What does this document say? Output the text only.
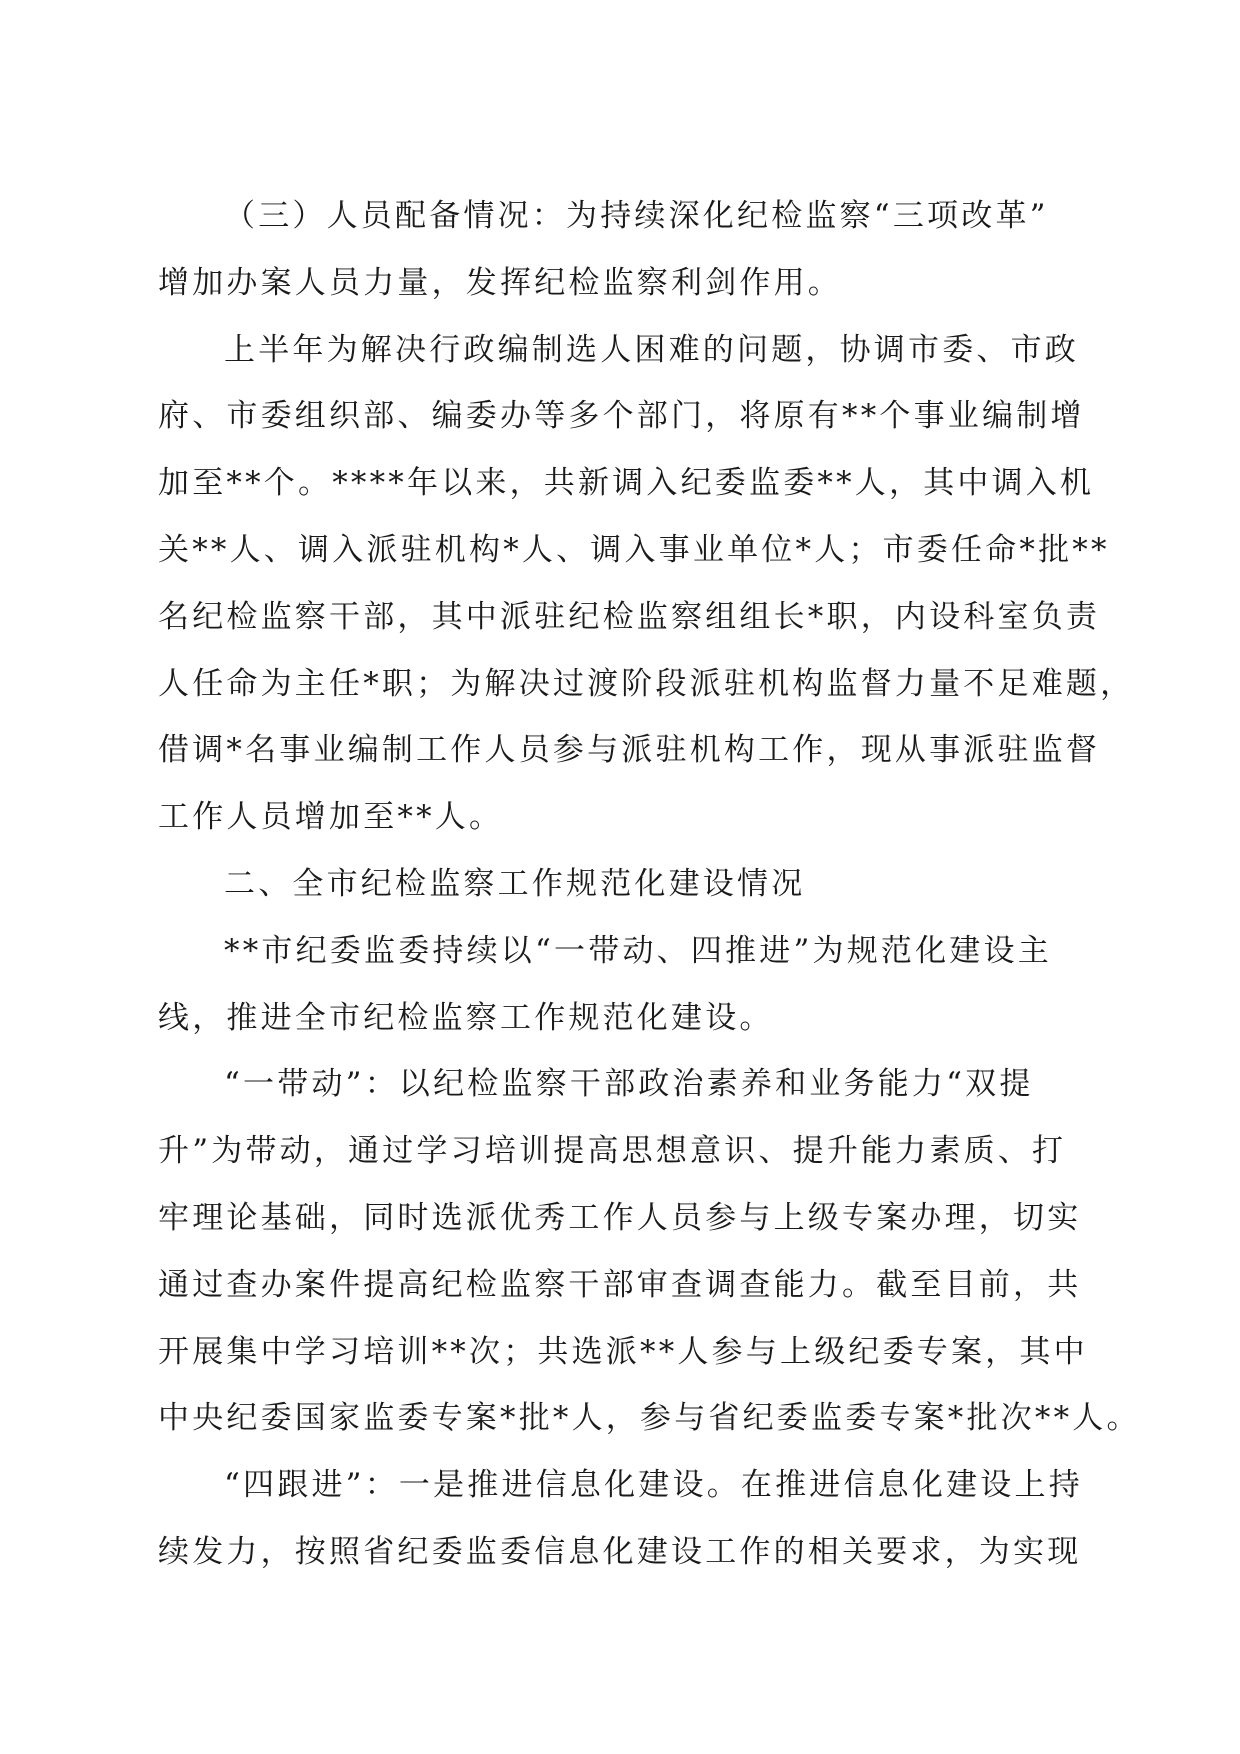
（三）人员配备情况：为持续深化纪检监察“三项改革”
增加办案人员力量，发挥纪检监察利剑作用。
上半年为解决行政编制选人困难的问题，协调市委、市政
府、市委组织部、编委办等多个部门，将原有**个事业编制增
加至**个。****年以来，共新调入纪委监委**人，其中调入机
关**人、调入派驻机构*人、调入事业单位*人；市委任命*批**
名纪检监察干部，其中派驻纪检监察组组长*职，内设科室负责
人任命为主任*职；为解决过渡阶段派驻机构监督力量不足难题，
借调*名事业编制工作人员参与派驻机构工作，现从事派驻监督
工作人员增加至**人。
二、全市纪检监察工作规范化建设情况
**市纪委监委持续以“一带动、四推进”为规范化建设主
线，推进全市纪检监察工作规范化建设。
“一带动”：以纪检监察干部政治素养和业务能力“双提
升”为带动，通过学习培训提高思想意识、提升能力素质、打
牢理论基础，同时选派优秀工作人员参与上级专案办理，切实
通过查办案件提高纪检监察干部审查调查能力。截至目前，共
开展集中学习培训**次；共选派**人参与上级纪委专案，其中
中央纪委国家监委专案*批*人，参与省纪委监委专案*批次**人。
“四跟进”：一是推进信息化建设。在推进信息化建设上持
续发力，按照省纪委监委信息化建设工作的相关要求，为实现
